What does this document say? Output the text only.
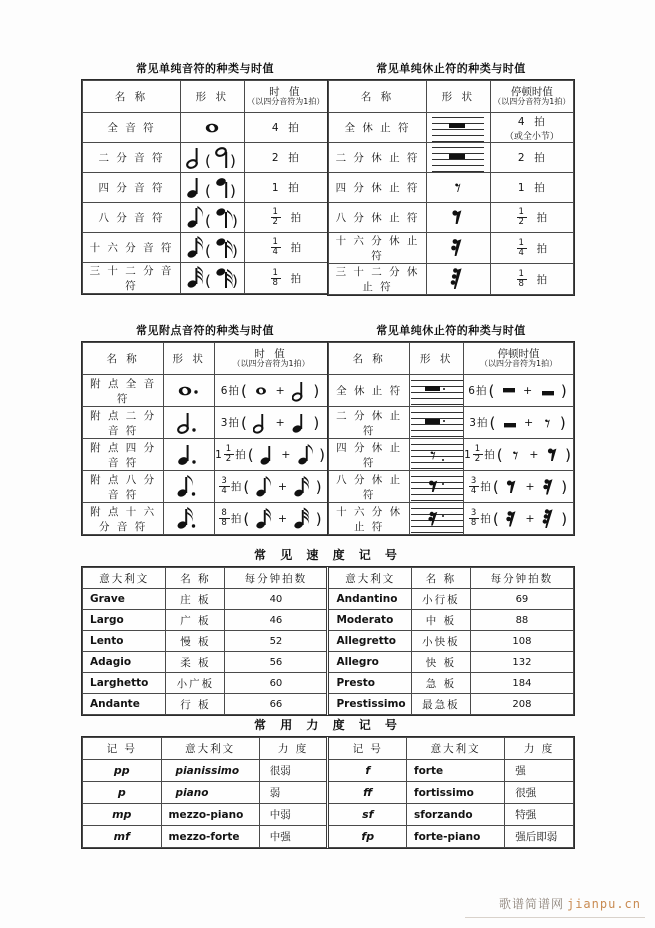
常见单纯音符的种类与时值
名 称	形 状	时 值
（以四分音符为1拍）

全 音 符		4 拍
二 分 音 符	( )	2 拍
四 分 音 符	( )	1 拍
八 分 音 符	( )	$\frac{1}{2}$ 拍
十 六 分 音 符	( )	$\frac{1}{4}$ 拍
三 十 二 分 音 符	( )	$\frac{1}{8}$ 拍
常见单纯休止符的种类与时值
名 称	形 状	停顿时值
（以四分音符为1拍）

全 休 止 符		4 拍
（或全小节）

二 分 休 止 符		2 拍
四 分 休 止 符	𝄾	1 拍
八 分 休 止 符		$\frac{1}{2}$ 拍
十 六 分 休 止 符		$\frac{1}{4}$ 拍
三 十 二 分 休 止 符		$\frac{1}{8}$ 拍
常见附点音符的种类与时值
名 称	形 状	时 值
（以四分音符为1拍）

附 点 全 音 符		6拍( + )
附 点 二 分 音 符		3拍( + )
附 点 四 分 音 符		$1 \frac{1}{2}$ 拍( + )
附 点 八 分 音 符		$\frac{3}{4}$ 拍( + )
附 点 十 六 分 音 符		$\frac{8}{8}$ 拍( + )
常见单纯休止符的种类与时值
名 称	形 状	停顿时值
（以四分音符为1拍）

全 休 止 符		6拍( + )
二 分 休 止 符		3拍( + 𝄾 )
四 分 休 止 符	𝄾	$1 \frac{1}{2}$ 拍( 𝄾 + )
八 分 休 止 符		$\frac{3}{4}$ 拍( + )
十 六 分 休 止 符		$\frac{3}{8}$ 拍( + )
常 见 速 度 记 号
意大利文	名 称	每分钟拍数	意大利文	名 称	每分钟拍数
Grave	庄 板	40	Andantino	小行板	69
Largo	广 板	46	Moderato	中 板	88
Lento	慢 板	52	Allegretto	小快板	108
Adagio	柔 板	56	Allegro	快 板	132
Larghetto	小广板	60	Presto	急 板	184
Andante	行 板	66	Prestissimo	最急板	208
常 用 力 度 记 号
记 号	意大利文	力 度	记 号	意大利文	力 度
pp	pianissimo	很弱	f	forte	强
p	piano	弱	ff	fortissimo	很强
mp	mezzo-piano	中弱	sf	sforzando	特强
mf	mezzo-forte	中强	fp	forte-piano	强后即弱
歌谱简谱网 jianpu.cn
